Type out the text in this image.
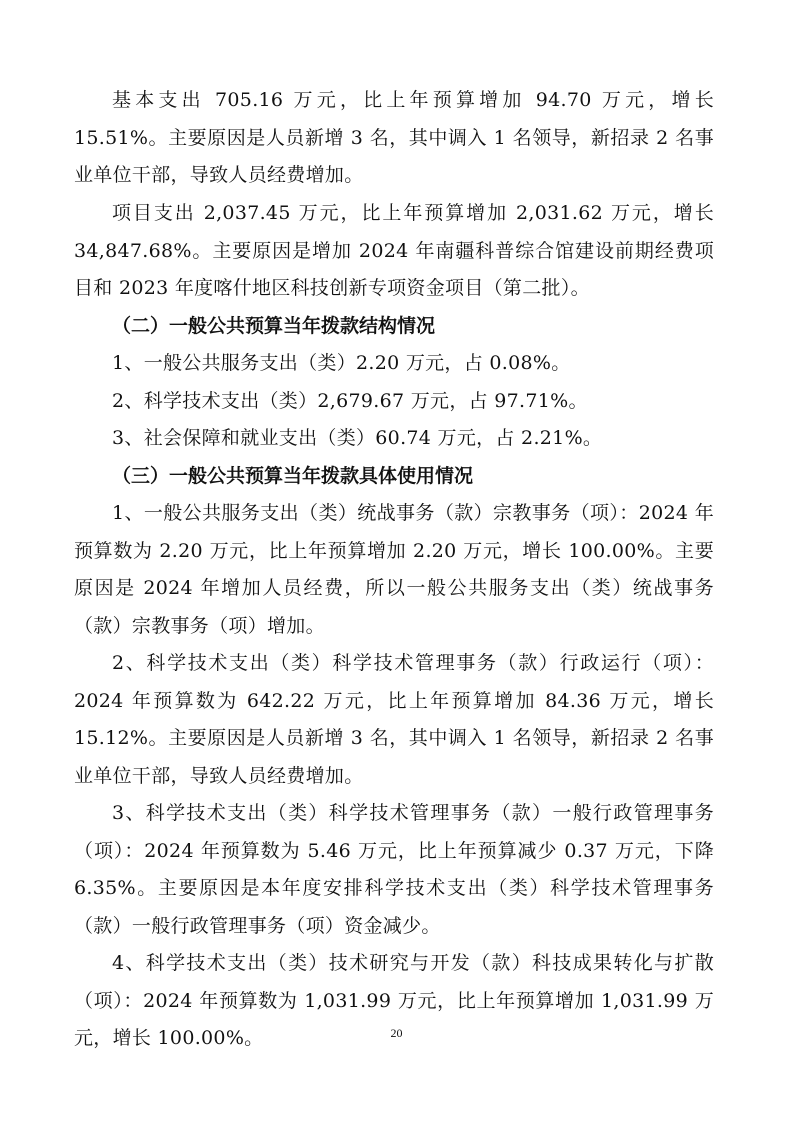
基本支出 705.16 万元，比上年预算增加 94.70 万元，增长 15.51%。主要原因是人员新增 3 名，其中调入 1 名领导，新招录 2 名事业单位干部，导致人员经费增加。

项目支出 2,037.45 万元，比上年预算增加 2,031.62 万元，增长 34,847.68%。主要原因是增加 2024 年南疆科普综合馆建设前期经费项目和 2023 年度喀什地区科技创新专项资金项目（第二批）。

（二）一般公共预算当年拨款结构情况

1、一般公共服务支出（类）2.20 万元，占 0.08%。

2、科学技术支出（类）2,679.67 万元，占 97.71%。

3、社会保障和就业支出（类）60.74 万元，占 2.21%。

（三）一般公共预算当年拨款具体使用情况

1、一般公共服务支出（类）统战事务（款）宗教事务（项）：2024 年预算数为 2.20 万元，比上年预算增加 2.20 万元，增长 100.00%。主要原因是 2024 年增加人员经费，所以一般公共服务支出（类）统战事务（款）宗教事务（项）增加。

2、科学技术支出（类）科学技术管理事务（款）行政运行（项）：2024 年预算数为 642.22 万元，比上年预算增加 84.36 万元，增长 15.12%。主要原因是人员新增 3 名，其中调入 1 名领导，新招录 2 名事业单位干部，导致人员经费增加。

3、科学技术支出（类）科学技术管理事务（款）一般行政管理事务（项）：2024 年预算数为 5.46 万元，比上年预算减少 0.37 万元，下降 6.35%。主要原因是本年度安排科学技术支出（类）科学技术管理事务（款）一般行政管理事务（项）资金减少。

4、科学技术支出（类）技术研究与开发（款）科技成果转化与扩散（项）：2024 年预算数为 1,031.99 万元，比上年预算增加 1,031.99 万元，增长 100.00%。	20
